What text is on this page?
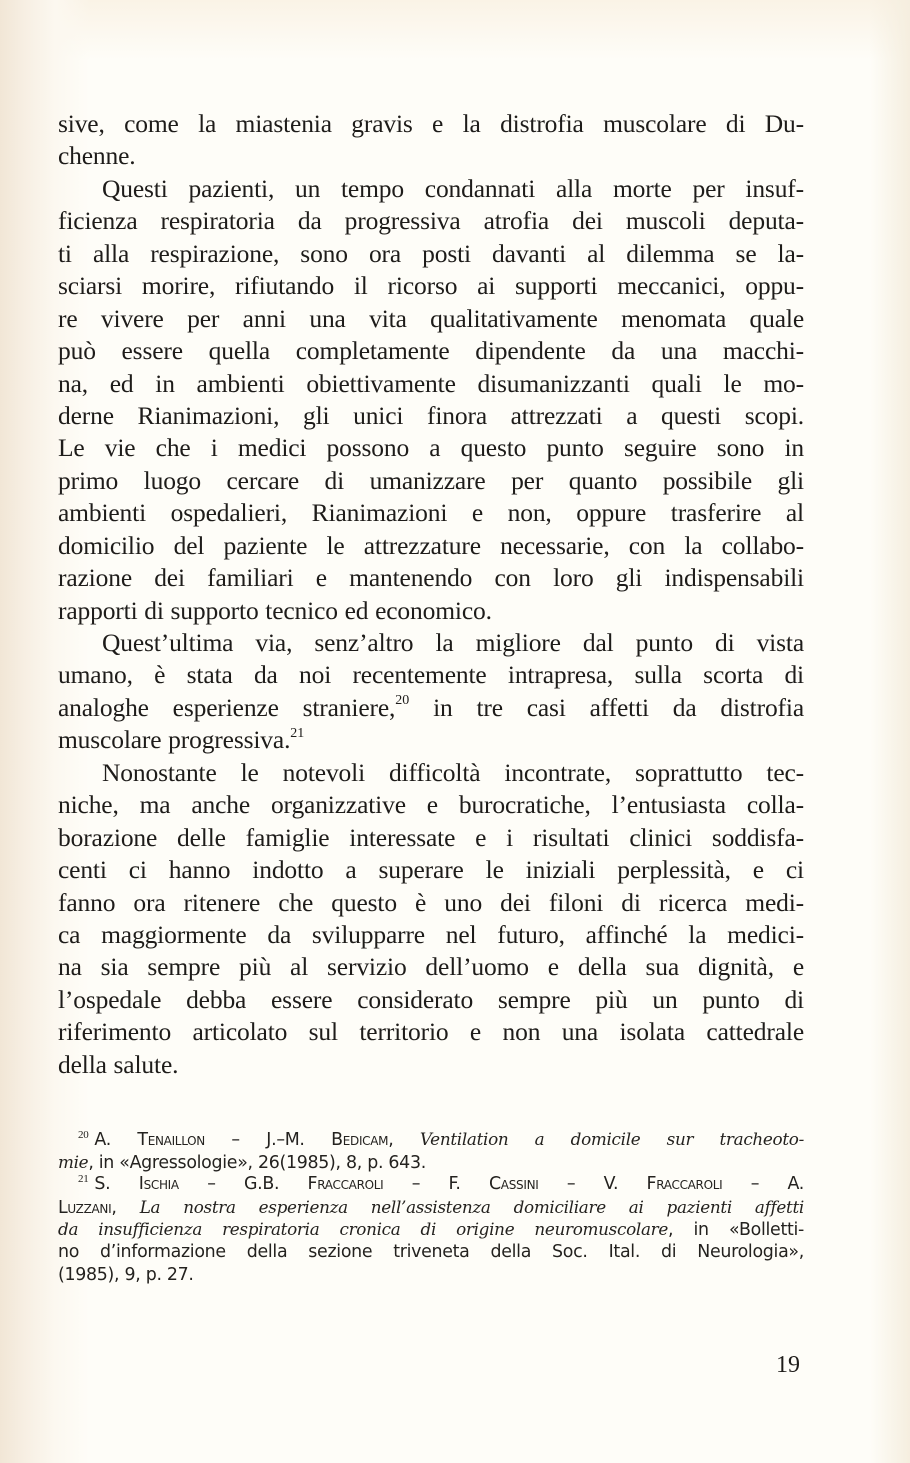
sive, come la miastenia gravis e la distrofia muscolare di Du-
chenne.
Questi pazienti, un tempo condannati alla morte per insuf-
ficienza respiratoria da progressiva atrofia dei muscoli deputa-
ti alla respirazione, sono ora posti davanti al dilemma se la-
sciarsi morire, rifiutando il ricorso ai supporti meccanici, oppu-
re vivere per anni una vita qualitativamente menomata quale
può essere quella completamente dipendente da una macchi-
na, ed in ambienti obiettivamente disumanizzanti quali le mo-
derne Rianimazioni, gli unici finora attrezzati a questi scopi.
Le vie che i medici possono a questo punto seguire sono in
primo luogo cercare di umanizzare per quanto possibile gli
ambienti ospedalieri, Rianimazioni e non, oppure trasferire al
domicilio del paziente le attrezzature necessarie, con la collabo-
razione dei familiari e mantenendo con loro gli indispensabili
rapporti di supporto tecnico ed economico.
Quest’ultima via, senz’altro la migliore dal punto di vista
umano, è stata da noi recentemente intrapresa, sulla scorta di
analoghe esperienze straniere,$^{20}$ in tre casi affetti da distrofia
muscolare progressiva.$^{21}$
Nonostante le notevoli difficoltà incontrate, soprattutto tec-
niche, ma anche organizzative e burocratiche, l’entusiasta colla-
borazione delle famiglie interessate e i risultati clinici soddisfa-
centi ci hanno indotto a superare le iniziali perplessità, e ci
fanno ora ritenere che questo è uno dei filoni di ricerca medi-
ca maggiormente da svilupparre nel futuro, affinché la medici-
na sia sempre più al servizio dell’uomo e della sua dignità, e
l’ospedale debba essere considerato sempre più un punto di
riferimento articolato sul territorio e non una isolata cattedrale
della salute.
$^{20}$ A. Tenaillon – J.–M. Bedicam, Ventilation a domicile sur tracheoto-
mie, in «Agressologie», 26(1985), 8, p. 643.
$^{21}$ S. Ischia – G.B. Fraccaroli – F. Cassini – V. Fraccaroli – A.
Luzzani, La nostra esperienza nell’assistenza domiciliare ai pazienti affetti
da insufficienza respiratoria cronica di origine neuromuscolare, in «Bolletti-
no d’informazione della sezione triveneta della Soc. Ital. di Neurologia»,
(1985), 9, p. 27.
19
